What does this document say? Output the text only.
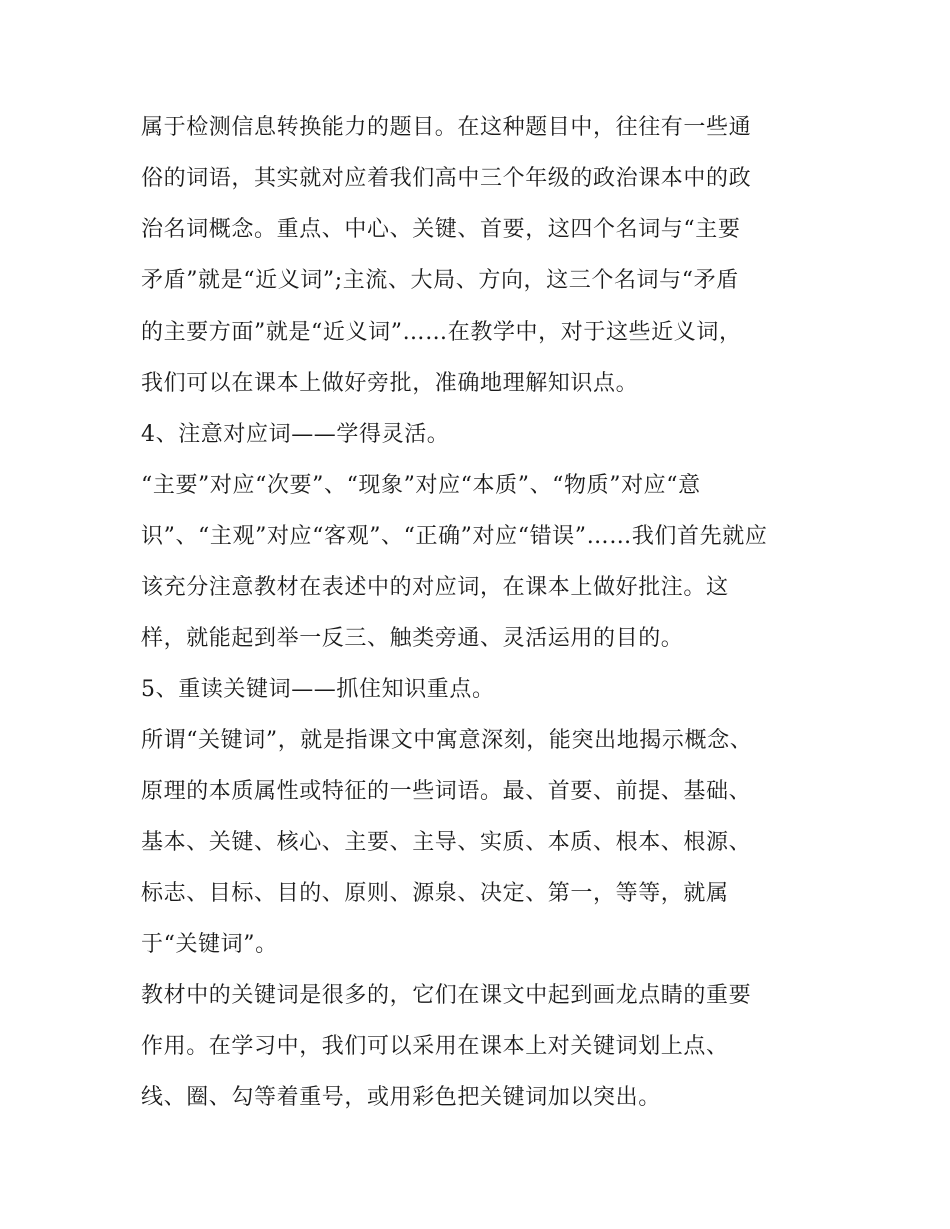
属于检测信息转换能力的题目。在这种题目中，往往有一些通
俗的词语，其实就对应着我们高中三个年级的政治课本中的政
治名词概念。重点、中心、关键、首要，这四个名词与“主要
矛盾”就是“近义词”;主流、大局、方向，这三个名词与“矛盾
的主要方面”就是“近义词”……在教学中，对于这些近义词，
我们可以在课本上做好旁批，准确地理解知识点。
4、注意对应词——学得灵活。
“主要”对应“次要”、“现象”对应“本质”、“物质”对应“意
识”、“主观”对应“客观”、“正确”对应“错误”……我们首先就应
该充分注意教材在表述中的对应词，在课本上做好批注。这
样，就能起到举一反三、触类旁通、灵活运用的目的。
5、重读关键词——抓住知识重点。
所谓“关键词”，就是指课文中寓意深刻，能突出地揭示概念、
原理的本质属性或特征的一些词语。最、首要、前提、基础、
基本、关键、核心、主要、主导、实质、本质、根本、根源、
标志、目标、目的、原则、源泉、决定、第一，等等，就属
于“关键词”。
教材中的关键词是很多的，它们在课文中起到画龙点睛的重要
作用。在学习中，我们可以采用在课本上对关键词划上点、
线、圈、勾等着重号，或用彩色把关键词加以突出。
